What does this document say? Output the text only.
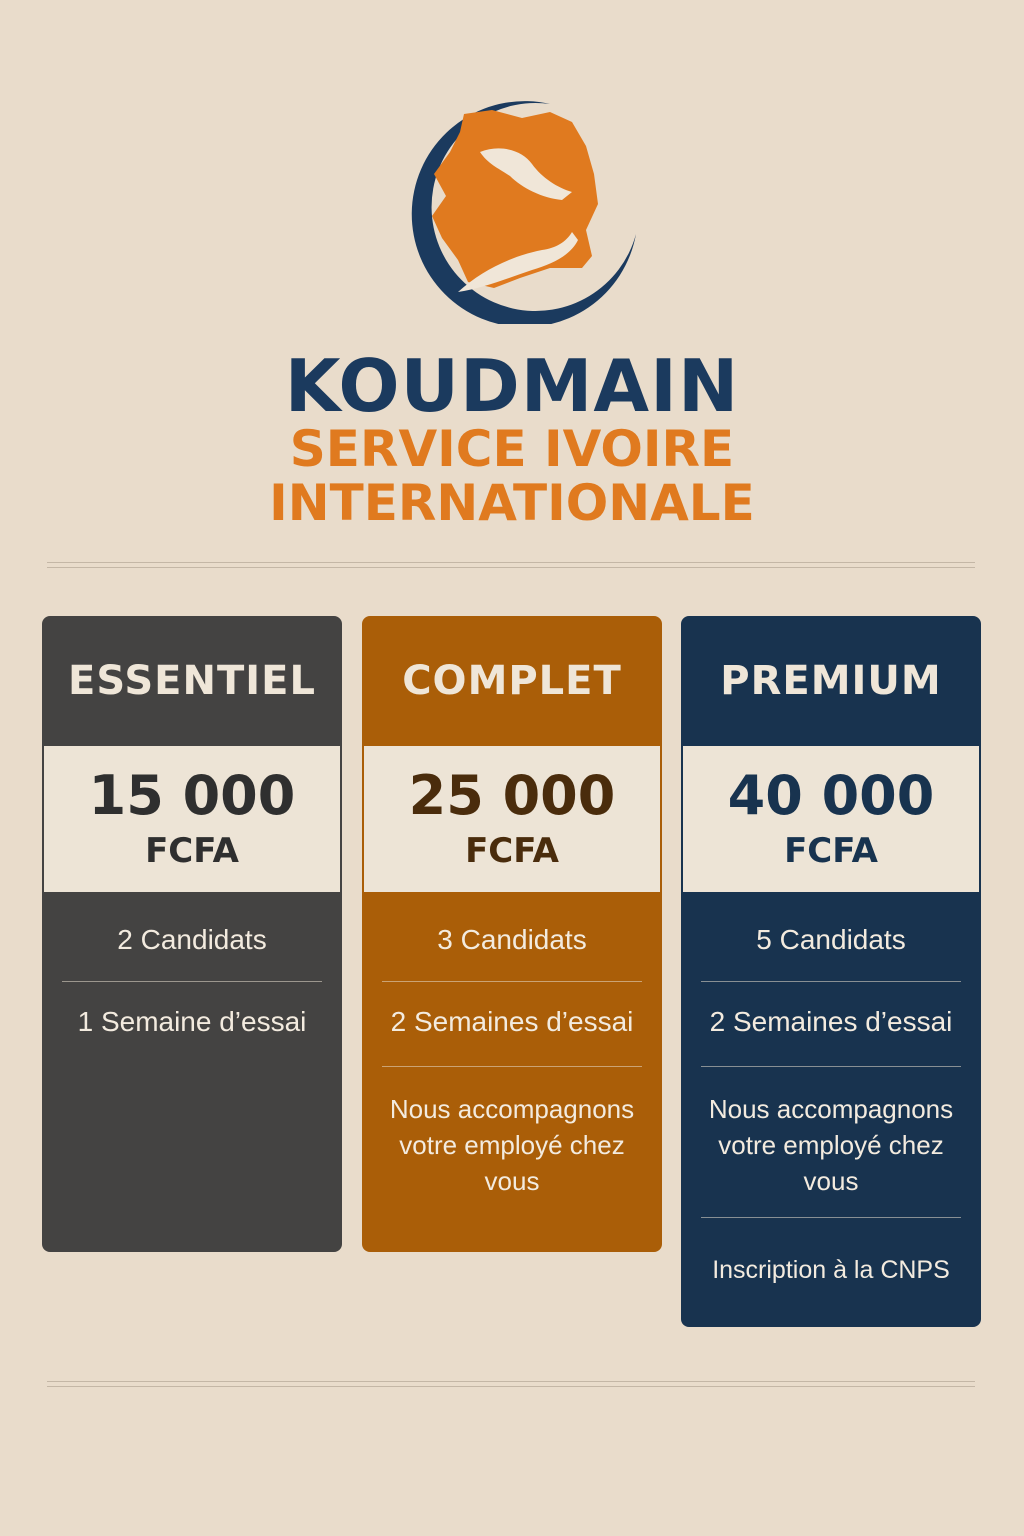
KOUDMAIN
SERVICE IVOIRE
INTERNATIONALE
ESSENTIEL
15 000
FCFA
2 Candidats
1 Semaine d’essai
COMPLET
25 000
FCFA
3 Candidats
2 Semaines d’essai
Nous accompagnons votre employé chez vous
PREMIUM
40 000
FCFA
5 Candidats
2 Semaines d’essai
Nous accompagnons votre employé chez vous
Inscription à la CNPS
